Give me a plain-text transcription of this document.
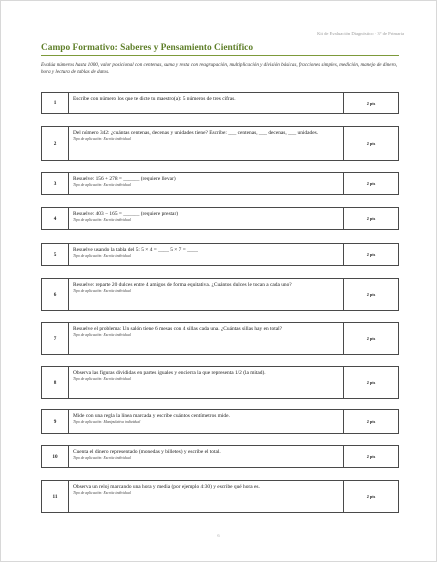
Kit de Evaluación Diagnóstico · 3° de Primaria
Campo Formativo: Saberes y Pensamiento Científico
Evalúa números hasta 1000, valor posicional con centenas, suma y resta con reagrupación, multiplicación y división básicas, fracciones simples, medición, manejo de dinero, hora y lectura de tablas de datos.
1
Escribe con número los que te dicte tu maestro(a): 5 números de tres cifras.
2 pts
2
Del número 342: ¿cuántas centenas, decenas y unidades tiene? Escribe: ___ centenas, ___ decenas, ___ unidades.
Tipo de aplicación: Escrita individual
2 pts
3
Resuelve: 156 + 278 = ______ (requiere llevar)
Tipo de aplicación: Escrita individual	2 pts
4
Resuelve: 403 − 165 = ______ (requiere prestar)
Tipo de aplicación: Escrita individual	2 pts
5
Resuelve usando la tabla del 5: 5 × 4 = ____ 5 × 7 = ____
Tipo de aplicación: Escrita individual	2 pts
6
Resuelve: reparte 20 dulces entre 4 amigos de forma equitativa. ¿Cuántos dulces le tocan a cada uno?
Tipo de aplicación: Escrita individual
2 pts
7
Resuelve el problema: Un salón tiene 6 mesas con 4 sillas cada una. ¿Cuántas sillas hay en total?
Tipo de aplicación: Escrita individual
2 pts
8
Observa las figuras divididas en partes iguales y encierra la que representa 1/2 (la mitad).
Tipo de aplicación: Escrita individual
2 pts
9
Mide con una regla la línea marcada y escribe cuántos centímetros mide.
Tipo de aplicación: Manipulativa individual	2 pts
10
Cuenta el dinero representado (monedas y billetes) y escribe el total.
Tipo de aplicación: Escrita individual	2 pts
11
Observa un reloj marcando una hora y media (por ejemplo 4:30) y escribe qué hora es.
Tipo de aplicación: Escrita individual
2 pts
6
